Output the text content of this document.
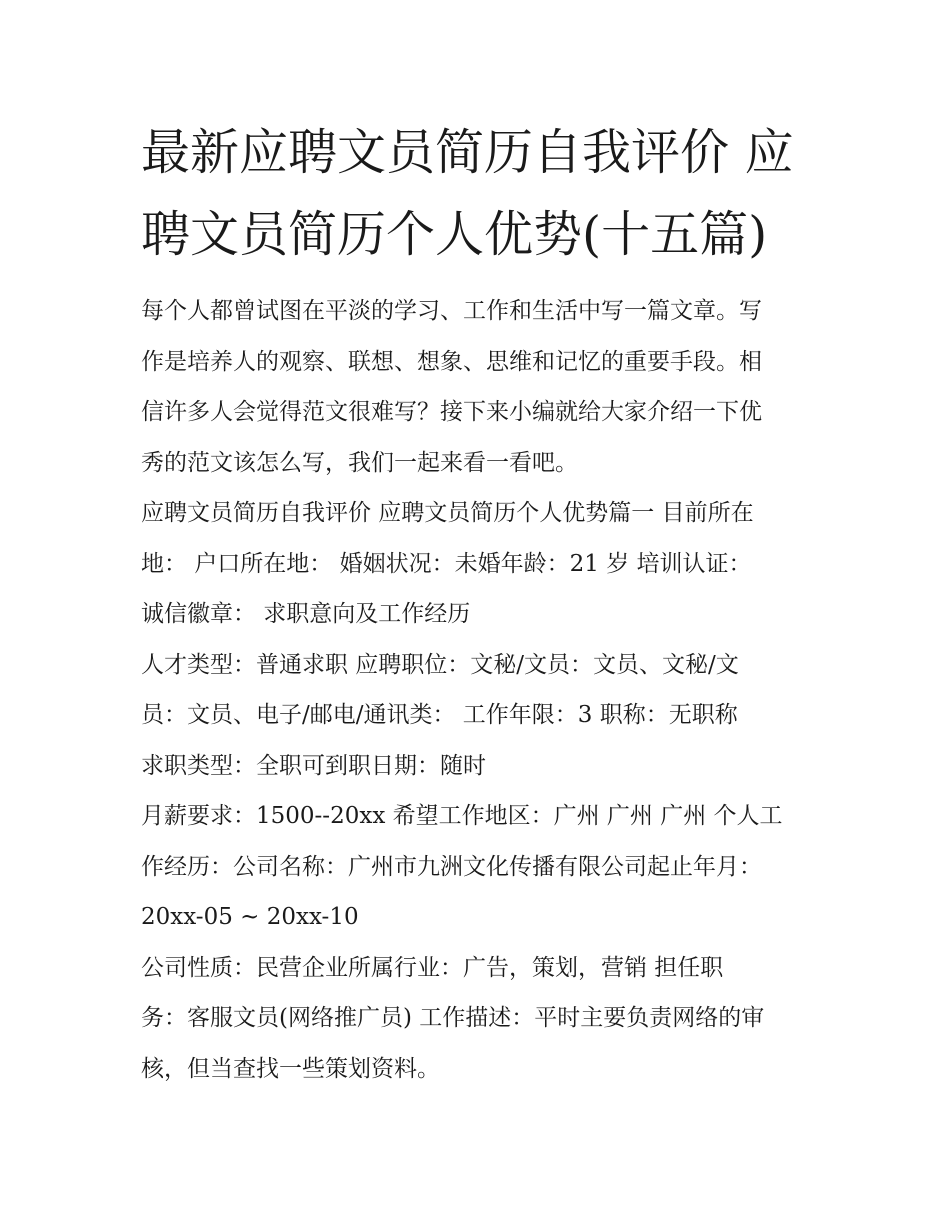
最新应聘文员简历自我评价 应
聘文员简历个人优势(十五篇)
每个人都曾试图在平淡的学习、工作和生活中写一篇文章。写
作是培养人的观察、联想、想象、思维和记忆的重要手段。相
信许多人会觉得范文很难写？接下来小编就给大家介绍一下优
秀的范文该怎么写，我们一起来看一看吧。
应聘文员简历自我评价 应聘文员简历个人优势篇一 目前所在
地： 户口所在地： 婚姻状况：未婚年龄：21 岁 培训认证：
诚信徽章： 求职意向及工作经历
人才类型：普通求职 应聘职位：文秘/文员：文员、文秘/文
员：文员、电子/邮电/通讯类： 工作年限：3 职称：无职称
求职类型：全职可到职日期：随时
月薪要求：1500--20xx 希望工作地区：广州 广州 广州 个人工
作经历：公司名称：广州市九洲文化传播有限公司起止年月：
20xx-05 ~ 20xx-10
公司性质：民营企业所属行业：广告，策划，营销 担任职
务：客服文员(网络推广员) 工作描述：平时主要负责网络的审
核，但当查找一些策划资料。
